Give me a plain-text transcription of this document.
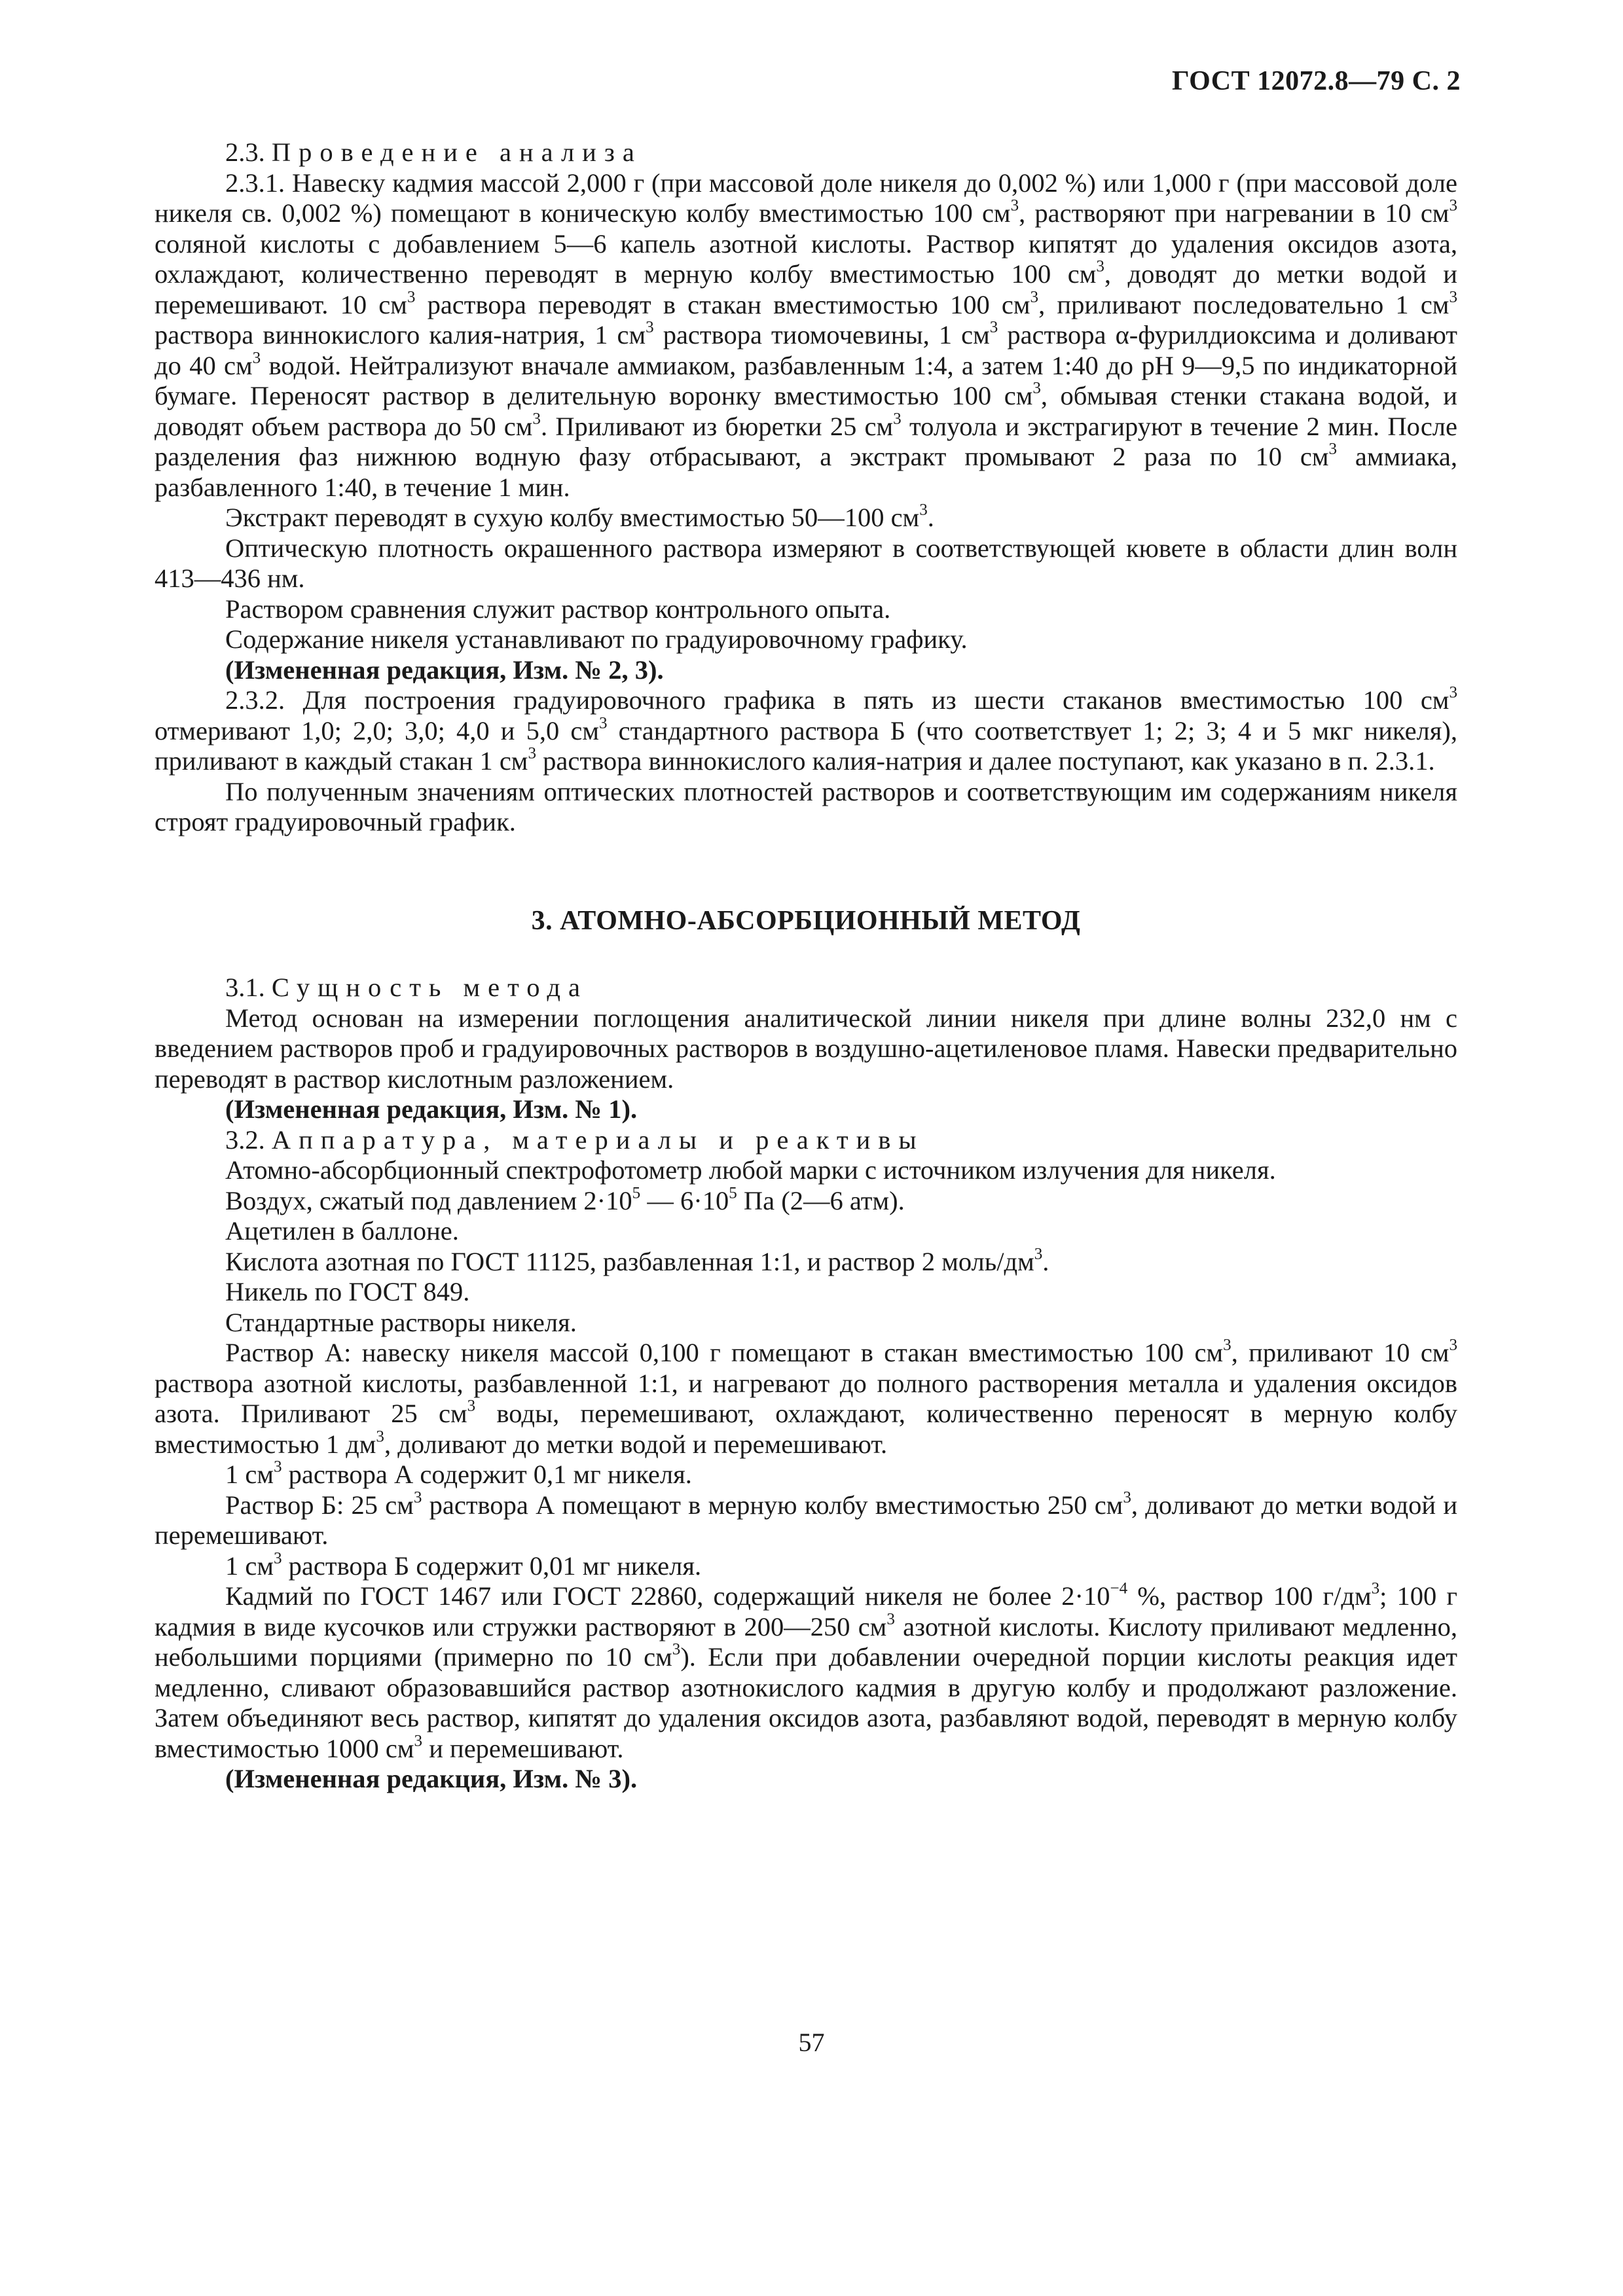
ГОСТ 12072.8—79 С. 2

2.3. Проведение анализа

2.3.1. Навеску кадмия массой 2,000 г (при массовой доле никеля до 0,002 %) или 1,000 г (при массовой доле никеля св. 0,002 %) помещают в коническую колбу вместимостью 100 $см^3$, растворяют при нагревании в 10 $см^3$ соляной кислоты с добавлением 5—6 капель азотной кислоты. Раствор кипятят до удаления оксидов азота, охлаждают, количественно переводят в мерную колбу вместимостью 100 $см^3$, доводят до метки водой и перемешивают. 10 $см^3$ раствора переводят в стакан вместимостью 100 $см^3$, приливают последовательно 1 $см^3$ раствора виннокислого калия-натрия, 1 $см^3$ раствора тиомочевины, 1 $см^3$ раствора α-фурилдиоксима и доливают до 40 $см^3$ водой. Нейтрализуют вначале аммиаком, разбавленным 1:4, а затем 1:40 до рН 9—9,5 по индикаторной бумаге. Переносят раствор в делительную воронку вместимостью 100 $см^3$, обмывая стенки стакана водой, и доводят объем раствора до 50 $см^3$. Приливают из бюретки 25 $см^3$ толуола и экстрагируют в течение 2 мин. После разделения фаз нижнюю водную фазу отбрасывают, а экстракт промывают 2 раза по 10 $см^3$ аммиака, разбавленного 1:40, в течение 1 мин.

Экстракт переводят в сухую колбу вместимостью 50—100 $см^3$.

Оптическую плотность окрашенного раствора измеряют в соответствующей кювете в области длин волн 413—436 нм.

Раствором сравнения служит раствор контрольного опыта.

Содержание никеля устанавливают по градуировочному графику.

(Измененная редакция, Изм. № 2, 3).

2.3.2. Для построения градуировочного графика в пять из шести стаканов вместимостью 100 $см^3$ отмеривают 1,0; 2,0; 3,0; 4,0 и 5,0 $см^3$ стандартного раствора Б (что соответствует 1; 2; 3; 4 и 5 мкг никеля), приливают в каждый стакан 1 $см^3$ раствора виннокислого калия-натрия и далее поступают, как указано в п. 2.3.1.

По полученным значениям оптических плотностей растворов и соответствующим им содержаниям никеля строят градуировочный график.

3. АТОМНО-АБСОРБЦИОННЫЙ МЕТОД

3.1. Сущность метода

Метод основан на измерении поглощения аналитической линии никеля при длине волны 232,0 нм с введением растворов проб и градуировочных растворов в воздушно-ацетиленовое пламя. Навески предварительно переводят в раствор кислотным разложением.

(Измененная редакция, Изм. № 1).

3.2. Аппаратура, материалы и реактивы

Атомно-абсорбционный спектрофотометр любой марки с источником излучения для никеля.

Воздух, сжатый под давлением $2\cdot 10^5$ — $6\cdot 10^5$ Па (2—6 атм).

Ацетилен в баллоне.

Кислота азотная по ГОСТ 11125, разбавленная 1:1, и раствор 2 моль/$дм^3$.

Никель по ГОСТ 849.

Стандартные растворы никеля.

Раствор А: навеску никеля массой 0,100 г помещают в стакан вместимостью 100 $см^3$, приливают 10 $см^3$ раствора азотной кислоты, разбавленной 1:1, и нагревают до полного растворения металла и удаления оксидов азота. Приливают 25 $см^3$ воды, перемешивают, охлаждают, количественно переносят в мерную колбу вместимостью 1 $дм^3$, доливают до метки водой и перемешивают.

1 $см^3$ раствора А содержит 0,1 мг никеля.

Раствор Б: 25 $см^3$ раствора А помещают в мерную колбу вместимостью 250 $см^3$, доливают до метки водой и перемешивают.

1 $см^3$ раствора Б содержит 0,01 мг никеля.

Кадмий по ГОСТ 1467 или ГОСТ 22860, содержащий никеля не более $2\cdot 10^{-4}$ %, раствор 100 $г/дм^3$; 100 г кадмия в виде кусочков или стружки растворяют в 200—250 $см^3$ азотной кислоты. Кислоту приливают медленно, небольшими порциями (примерно по 10 $см^3$). Если при добавлении очередной порции кислоты реакция идет медленно, сливают образовавшийся раствор азотнокислого кадмия в другую колбу и продолжают разложение. Затем объединяют весь раствор, кипятят до удаления оксидов азота, разбавляют водой, переводят в мерную колбу вместимостью 1000 $см^3$ и перемешивают.

(Измененная редакция, Изм. № 3).

57
